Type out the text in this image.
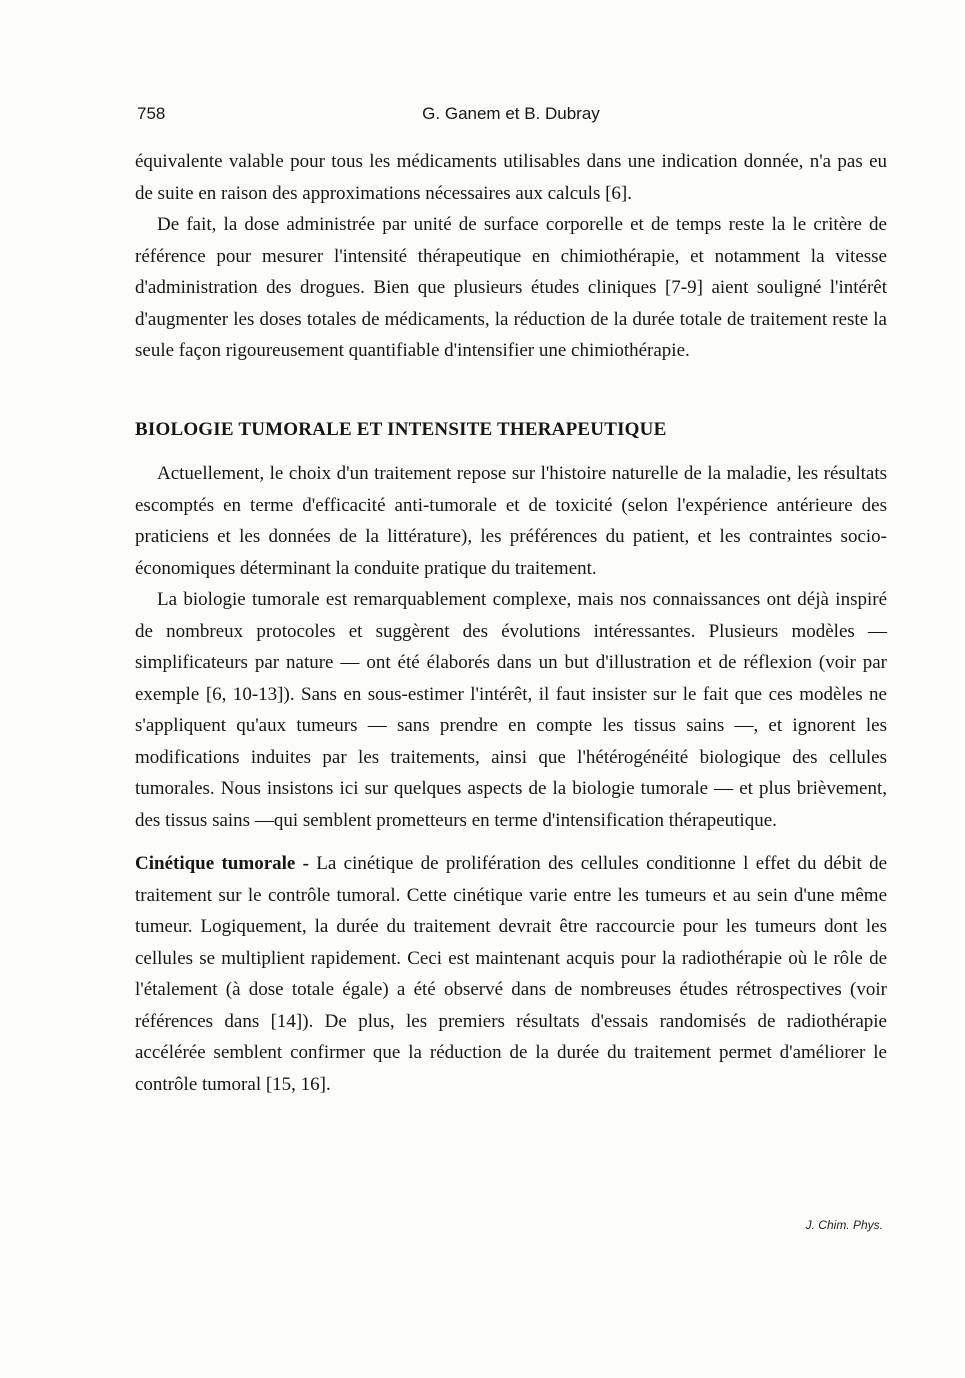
758	G. Ganem et B. Dubray

équivalente valable pour tous les médicaments utilisables dans une indication donnée, n'a pas eu de suite en raison des approximations nécessaires aux calculs [6].

De fait, la dose administrée par unité de surface corporelle et de temps reste la le critère de référence pour mesurer l'intensité thérapeutique en chimiothérapie, et notamment la vitesse d'administration des drogues. Bien que plusieurs études cliniques [7-9] aient souligné l'intérêt d'augmenter les doses totales de médicaments, la réduction de la durée totale de traitement reste la seule façon rigoureusement quantifiable d'intensifier une chimiothérapie.

BIOLOGIE TUMORALE ET INTENSITE THERAPEUTIQUE

Actuellement, le choix d'un traitement repose sur l'histoire naturelle de la maladie, les résultats escomptés en terme d'efficacité anti-tumorale et de toxicité (selon l'expérience antérieure des praticiens et les données de la littérature), les préférences du patient, et les contraintes socio-économiques déterminant la conduite pratique du traitement.

La biologie tumorale est remarquablement complexe, mais nos connaissances ont déjà inspiré de nombreux protocoles et suggèrent des évolutions intéressantes. Plusieurs modèles — simplificateurs par nature — ont été élaborés dans un but d'illustration et de réflexion (voir par exemple [6, 10-13]). Sans en sous-estimer l'intérêt, il faut insister sur le fait que ces modèles ne s'appliquent qu'aux tumeurs — sans prendre en compte les tissus sains —, et ignorent les modifications induites par les traitements, ainsi que l'hétérogénéité biologique des cellules tumorales. Nous insistons ici sur quelques aspects de la biologie tumorale — et plus brièvement, des tissus sains —qui semblent prometteurs en terme d'intensification thérapeutique.

Cinétique tumorale - La cinétique de prolifération des cellules conditionne l effet du débit de traitement sur le contrôle tumoral. Cette cinétique varie entre les tumeurs et au sein d'une même tumeur. Logiquement, la durée du traitement devrait être raccourcie pour les tumeurs dont les cellules se multiplient rapidement. Ceci est maintenant acquis pour la radiothérapie où le rôle de l'étalement (à dose totale égale) a été observé dans de nombreuses études rétrospectives (voir références dans [14]). De plus, les premiers résultats d'essais randomisés de radiothérapie accélérée semblent confirmer que la réduction de la durée du traitement permet d'améliorer le contrôle tumoral [15, 16].

J. Chim. Phys.
